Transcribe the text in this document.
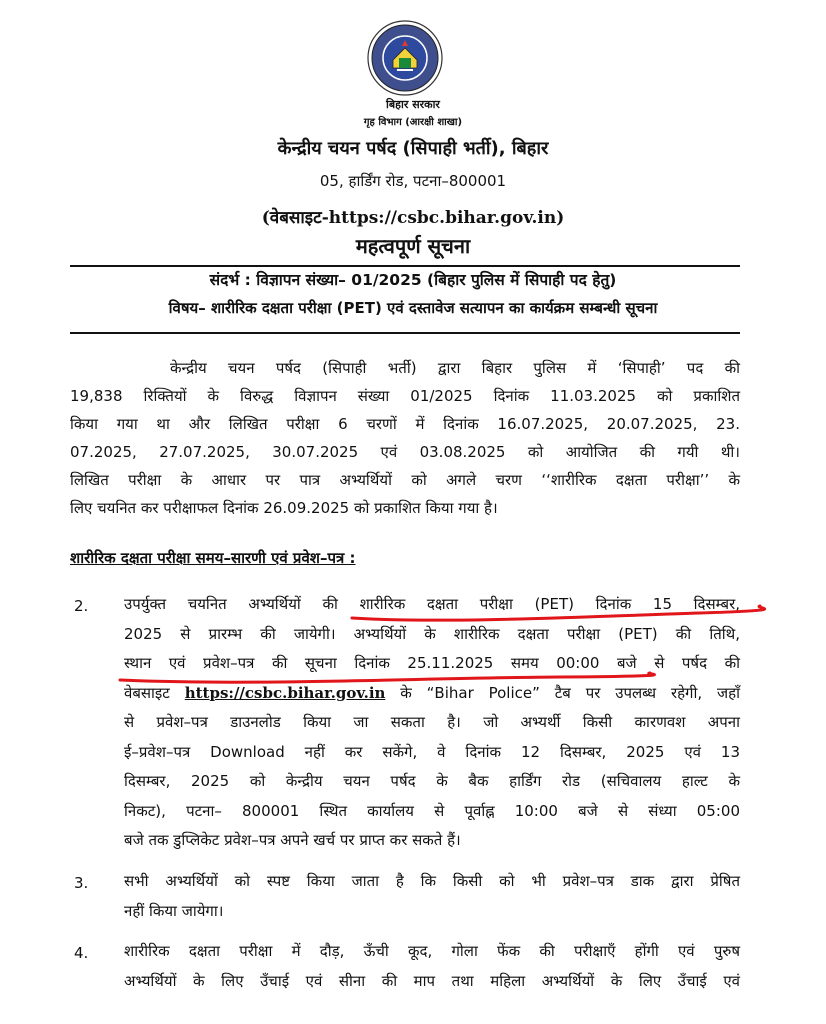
बिहार सरकार
गृह विभाग (आरक्षी शाखा)
केन्द्रीय चयन पर्षद (सिपाही भर्ती), बिहार
05, हार्डिंग रोड, पटना–800001
(वेबसाइट-https://csbc.bihar.gov.in)
महत्वपूर्ण सूचना
संदर्भ : विज्ञापन संख्या– 01/2025 (बिहार पुलिस में सिपाही पद हेतु)
विषय– शारीरिक दक्षता परीक्षा (PET) एवं दस्तावेज सत्यापन का कार्यक्रम सम्बन्धी सूचना
केन्द्रीय चयन पर्षद (सिपाही भर्ती) द्वारा बिहार पुलिस में ‘सिपाही’ पद की
19,838 रिक्तियों के विरुद्ध विज्ञापन संख्या 01/2025 दिनांक 11.03.2025 को प्रकाशित
किया गया था और लिखित परीक्षा 6 चरणों में दिनांक 16.07.2025, 20.07.2025, 23.
07.2025, 27.07.2025, 30.07.2025 एवं 03.08.2025 को आयोजित की गयी थी।
लिखित परीक्षा के आधार पर पात्र अभ्यर्थियों को अगले चरण ‘‘शारीरिक दक्षता परीक्षा’’ के
लिए चयनित कर परीक्षाफल दिनांक 26.09.2025 को प्रकाशित किया गया है।
शारीरिक दक्षता परीक्षा समय–सारणी एवं प्रवेश–पत्र :
2. उपर्युक्त चयनित अभ्यर्थियों की शारीरिक दक्षता परीक्षा (PET) दिनांक 15 दिसम्बर,
2025 से प्रारम्भ की जायेगी। अभ्यर्थियों के शारीरिक दक्षता परीक्षा (PET) की तिथि,
स्थान एवं प्रवेश–पत्र की सूचना दिनांक 25.11.2025 समय 00:00 बजे से पर्षद की
वेबसाइट https://csbc.bihar.gov.in के “Bihar Police” टैब पर उपलब्ध रहेगी, जहाँ
से प्रवेश–पत्र डाउनलोड किया जा सकता है। जो अभ्यर्थी किसी कारणवश अपना
ई–प्रवेश–पत्र Download नहीं कर सकेंगे, वे दिनांक 12 दिसम्बर, 2025 एवं 13
दिसम्बर, 2025 को केन्द्रीय चयन पर्षद के बैक हार्डिंग रोड (सचिवालय हाल्ट के
निकट), पटना– 800001 स्थित कार्यालय से पूर्वाह्न 10:00 बजे से संध्या 05:00
बजे तक डुप्लिकेट प्रवेश–पत्र अपने खर्च पर प्राप्त कर सकते हैं।
3. सभी अभ्यर्थियों को स्पष्ट किया जाता है कि किसी को भी प्रवेश–पत्र डाक द्वारा प्रेषित
नहीं किया जायेगा।
4. शारीरिक दक्षता परीक्षा में दौड़, ऊँची कूद, गोला फेंक की परीक्षाएँ होंगी एवं पुरुष
अभ्यर्थियों के लिए उँचाई एवं सीना की माप तथा महिला अभ्यर्थियों के लिए उँचाई एवं
